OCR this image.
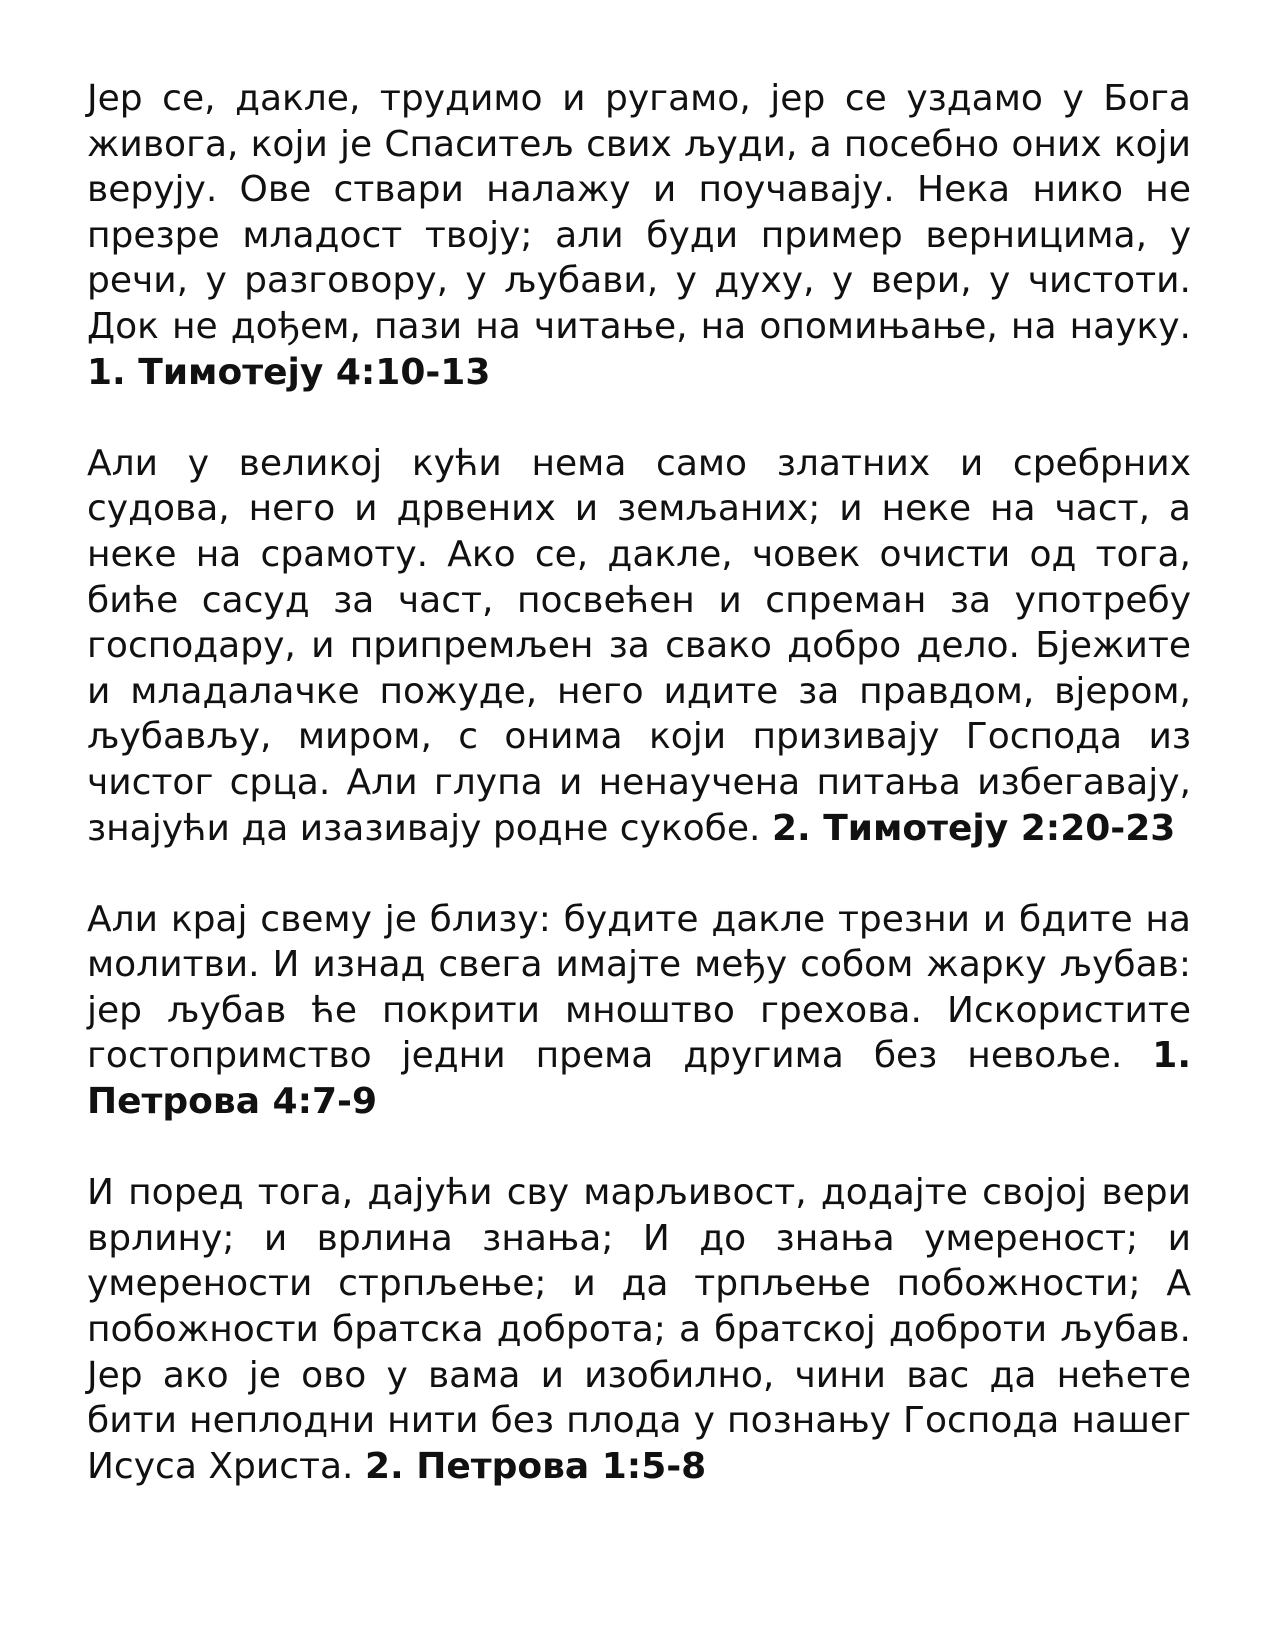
Јер се, дакле, трудимо и ругамо, јер се уздамо у Бога живога, који је Спаситељ свих људи, а посебно оних који верују. Ове ствари налажу и поучавају. Нека нико не презре младост твоју; али буди пример верницима, у речи, у разговору, у љубави, у духу, у вери, у чистоти. Док не дођем, пази на читање, на опомињање, на науку. 1. Тимотеју 4:10-13

Али у великој кући нема само златних и сребрних судова, него и дрвених и земљаних; и неке на част, а неке на срамоту. Ако се, дакле, човек очисти од тога, биће сасуд за част, посвећен и спреман за употребу господару, и припремљен за свако добро дело. Бјежите и младалачке пожуде, него идите за правдом, вјером, љубављу, миром, с онима који призивају Господа из чистог срца. Али глупа и ненаучена питања избегавају, знајући да изазивају родне сукобе. 2. Тимотеју 2:20-23

Али крај свему је близу: будите дакле трезни и бдите на молитви. И изнад свега имајте међу собом жарку љубав: јер љубав ће покрити мноштво грехова. Искористите гостопримство једни према другима без невоље. 1. Петрова 4:7-9

И поред тога, дајући сву марљивост, додајте својој вери врлину; и врлина знања; И до знања умереност; и умерености стрпљење; и да трпљење побожности; А побожности братска доброта; а братској доброти љубав. Јер ако је ово у вама и изобилно, чини вас да нећете бити неплодни нити без плода у познању Господа нашег Исуса Христа. 2. Петрова 1:5-8
